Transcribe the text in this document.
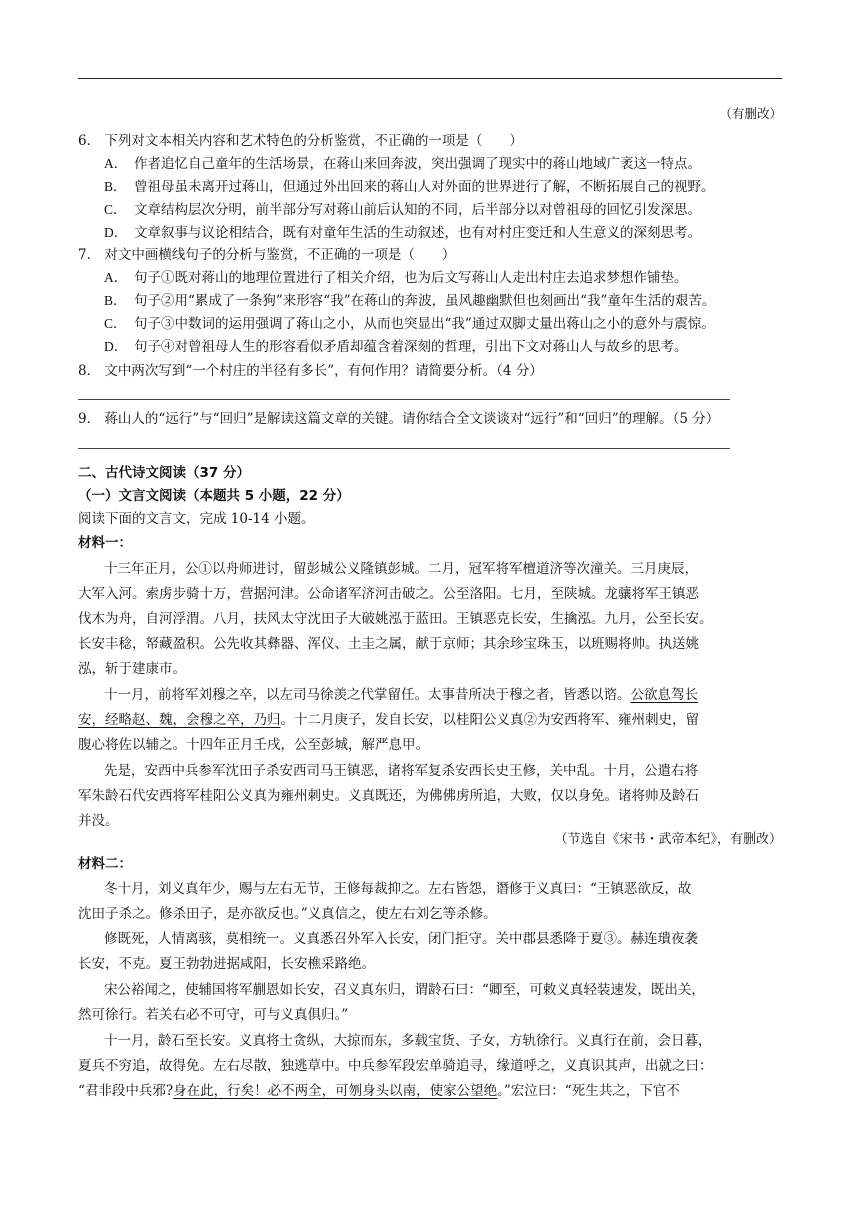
（有删改）
6． 下列对文本相关内容和艺术特色的分析鉴赏，不正确的一项是（　　）
A． 作者追忆自己童年的生活场景，在蒋山来回奔波，突出强调了现实中的蒋山地域广袤这一特点。
B． 曾祖母虽未离开过蒋山，但通过外出回来的蒋山人对外面的世界进行了解，不断拓展自己的视野。
C． 文章结构层次分明，前半部分写对蒋山前后认知的不同，后半部分以对曾祖母的回忆引发深思。
D． 文章叙事与议论相结合，既有对童年生活的生动叙述，也有对村庄变迁和人生意义的深刻思考。
7． 对文中画横线句子的分析与鉴赏，不正确的一项是（　　）
A． 句子①既对蒋山的地理位置进行了相关介绍，也为后文写蒋山人走出村庄去追求梦想作铺垫。
B． 句子②用“累成了一条狗”来形容“我”在蒋山的奔波，虽风趣幽默但也刻画出“我”童年生活的艰苦。
C． 句子③中数词的运用强调了蒋山之小，从而也突显出“我”通过双脚丈量出蒋山之小的意外与震惊。
D． 句子④对曾祖母人生的形容看似矛盾却蕴含着深刻的哲理，引出下文对蒋山人与故乡的思考。
8． 文中两次写到“一个村庄的半径有多长”，有何作用？请简要分析。（4 分）
9． 蒋山人的“远行”与“回归”是解读这篇文章的关键。请你结合全文谈谈对“远行”和“回归”的理解。（5 分）
二、古代诗文阅读（37 分）
（一）文言文阅读（本题共 5 小题，22 分）
阅读下面的文言文，完成 10-14 小题。
材料一：
十三年正月，公①以舟师进讨，留彭城公义隆镇彭城。二月，冠军将军檀道济等次潼关。三月庚辰，
大军入河。索虏步骑十万，营据河津。公命诸军济河击破之。公至洛阳。七月，至陕城。龙骧将军王镇恶
伐木为舟，自河浮渭。八月，扶风太守沈田子大破姚泓于蓝田。王镇恶克长安，生擒泓。九月，公至长安。
长安丰稔，帑藏盈积。公先收其彝器、浑仪、土圭之属，献于京师；其余珍宝珠玉，以班赐将帅。执送姚
泓，斩于建康市。
十一月，前将军刘穆之卒，以左司马徐羡之代掌留任。太事昔所决于穆之者，皆悉以谘。公欲息驾长
安，经略赵、魏，会穆之卒，乃归。十二月庚子，发自长安，以桂阳公义真②为安西将军、雍州刺史，留
腹心将佐以辅之。十四年正月壬戌，公至彭城，解严息甲。
先是，安西中兵参军沈田子杀安西司马王镇恶，诸将军复杀安西长史王修，关中乱。十月，公遣右将
军朱龄石代安西将军桂阳公义真为雍州刺史。义真既还，为佛佛虏所追，大败，仅以身免。诸将帅及龄石
并没。
（节选自《宋书・武帝本纪》，有删改）
材料二：
冬十月，刘义真年少，赐与左右无节，王修每裁抑之。左右皆怨，谮修于义真曰：“王镇恶欲反，故
沈田子杀之。修杀田子，是亦欲反也。”义真信之，使左右刘乞等杀修。
修既死，人情离骇，莫相统一。义真悉召外军入长安，闭门拒守。关中郡县悉降于夏③。赫连璝夜袭
长安，不克。夏王勃勃进据咸阳，长安樵采路绝。
宋公裕闻之，使辅国将军蒯恩如长安，召义真东归，谓龄石曰：“卿至，可敕义真轻装速发，既出关，
然可徐行。若关右必不可守，可与义真俱归。”
十一月，龄石至长安。义真将士贪纵，大掠而东，多载宝货、子女，方轨徐行。义真行在前，会日暮，
夏兵不穷追，故得免。左右尽散，独逃草中。中兵参军段宏单骑追寻，缘道呼之，义真识其声，出就之曰：
“君非段中兵邪?身在此，行矣！必不两全，可刎身头以南，使家公望绝。”宏泣曰：“死生共之，下官不
